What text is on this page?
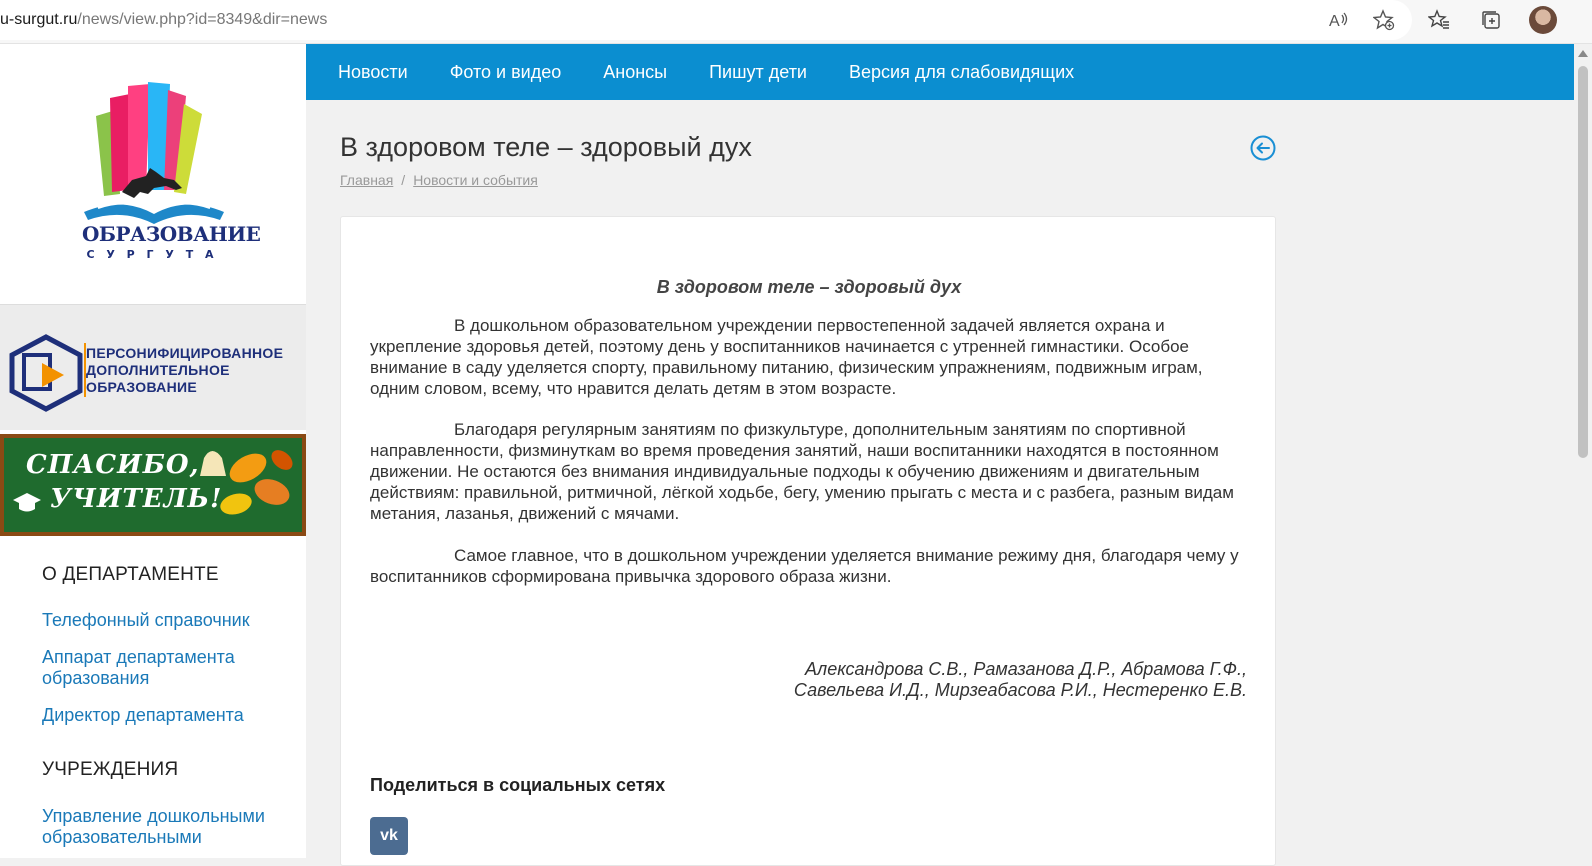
u-surgut.ru/news/view.php?id=8349&dir=news	A
ОБРАЗОВАНИЕ
С У Р Г У Т А
ПЕРСОНИФИЦИРОВАННОЕ
ДОПОЛНИТЕЛЬНОЕ
ОБРАЗОВАНИЕ
СПАСИБО,
УЧИТЕЛЬ!
О ДЕПАРТАМЕНТЕ
Телефонный справочник
Аппарат департамента образования
Директор департамента
УЧРЕЖДЕНИЯ
Управление дошкольными образовательными
Новости Фото и видео Анонсы Пишут дети Версия для слабовидящих
В здоровом теле – здоровый дух
Главная / Новости и события
В здоровом теле – здоровый дух

В дошкольном образовательном учреждении первостепенной задачей является охрана и укрепление здоровья детей, поэтому день у воспитанников начинается с утренней гимнастики. Особое внимание в саду уделяется спорту, правильному питанию, физическим упражнениям, подвижным играм, одним словом, всему, что нравится делать детям в этом возрасте.

Благодаря регулярным занятиям по физкультуре, дополнительным занятиям по спортивной направленности, физминуткам во время проведения занятий, наши воспитанники находятся в постоянном движении. Не остаются без внимания индивидуальные подходы к обучению движениям и двигательным действиям: правильной, ритмичной, лёгкой ходьбе, бегу, умению прыгать с места и с разбега, разным видам метания, лазанья, движений с мячами.

Самое главное, что в дошкольном учреждении уделяется внимание режиму дня, благодаря чему у воспитанников сформирована привычка здорового образа жизни.

Александрова С.В., Рамазанова Д.Р., Абрамова Г.Ф.,
Савельева И.Д., Мирзеабасова Р.И., Нестеренко Е.В.
Поделиться в социальных сетях
vk
